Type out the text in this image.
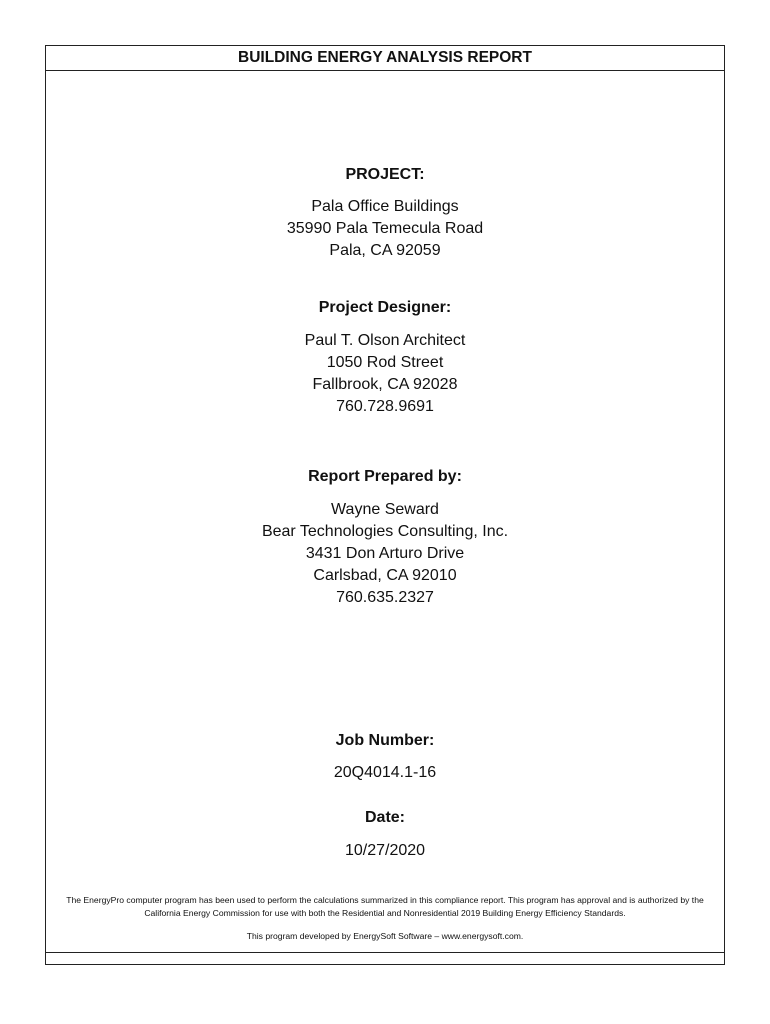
BUILDING ENERGY ANALYSIS REPORT
PROJECT:
Pala Office Buildings
35990 Pala Temecula Road
Pala, CA 92059
Project Designer:
Paul T. Olson Architect
1050 Rod Street
Fallbrook, CA 92028
760.728.9691
Report Prepared by:
Wayne Seward
Bear Technologies Consulting, Inc.
3431 Don Arturo Drive
Carlsbad, CA 92010
760.635.2327
Job Number:
20Q4014.1-16
Date:
10/27/2020
The EnergyPro computer program has been used to perform the calculations summarized in this compliance report. This program has approval and is authorized by the California Energy Commission for use with both the Residential and Nonresidential 2019 Building Energy Efficiency Standards.
This program developed by EnergySoft Software – www.energysoft.com.
